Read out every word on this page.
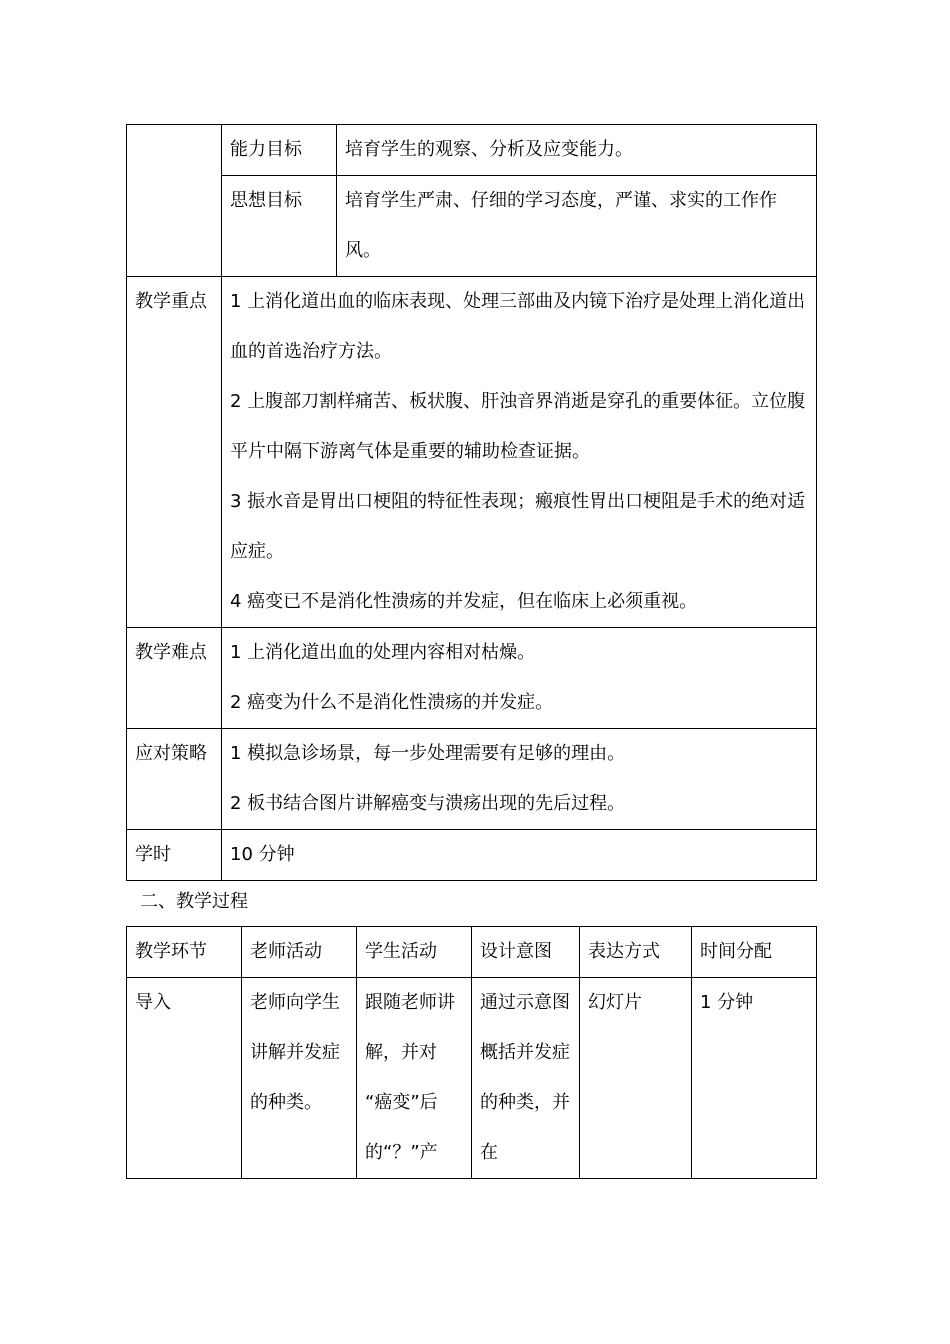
	能力目标	培育学生的观察、分析及应变能力。
	思想目标	培育学生严肃、仔细的学习态度，严谨、求实的工作作风。
教学重点	1 上消化道出血的临床表现、处理三部曲及内镜下治疗是处理上消化道出血的首选治疗方法。

2 上腹部刀割样痛苦、板状腹、肝浊音界消逝是穿孔的重要体征。立位腹平片中隔下游离气体是重要的辅助检查证据。

3 振水音是胃出口梗阻的特征性表现；瘢痕性胃出口梗阻是手术的绝对适应症。

4 癌变已不是消化性溃疡的并发症，但在临床上必须重视。	

教学难点	1 上消化道出血的处理内容相对枯燥。

2 癌变为什么不是消化性溃疡的并发症。	

应对策略	1 模拟急诊场景，每一步处理需要有足够的理由。

2 板书结合图片讲解癌变与溃疡出现的先后过程。	

学时	10 分钟	

二、教学过程

教学环节	老师活动	学生活动	设计意图	表达方式	时间分配
导入	老师向学生讲解并发症的种类。	跟随老师讲解，并对 “癌变”后的“？”产	通过示意图概括并发症的种类，并在	幻灯片	1 分钟
